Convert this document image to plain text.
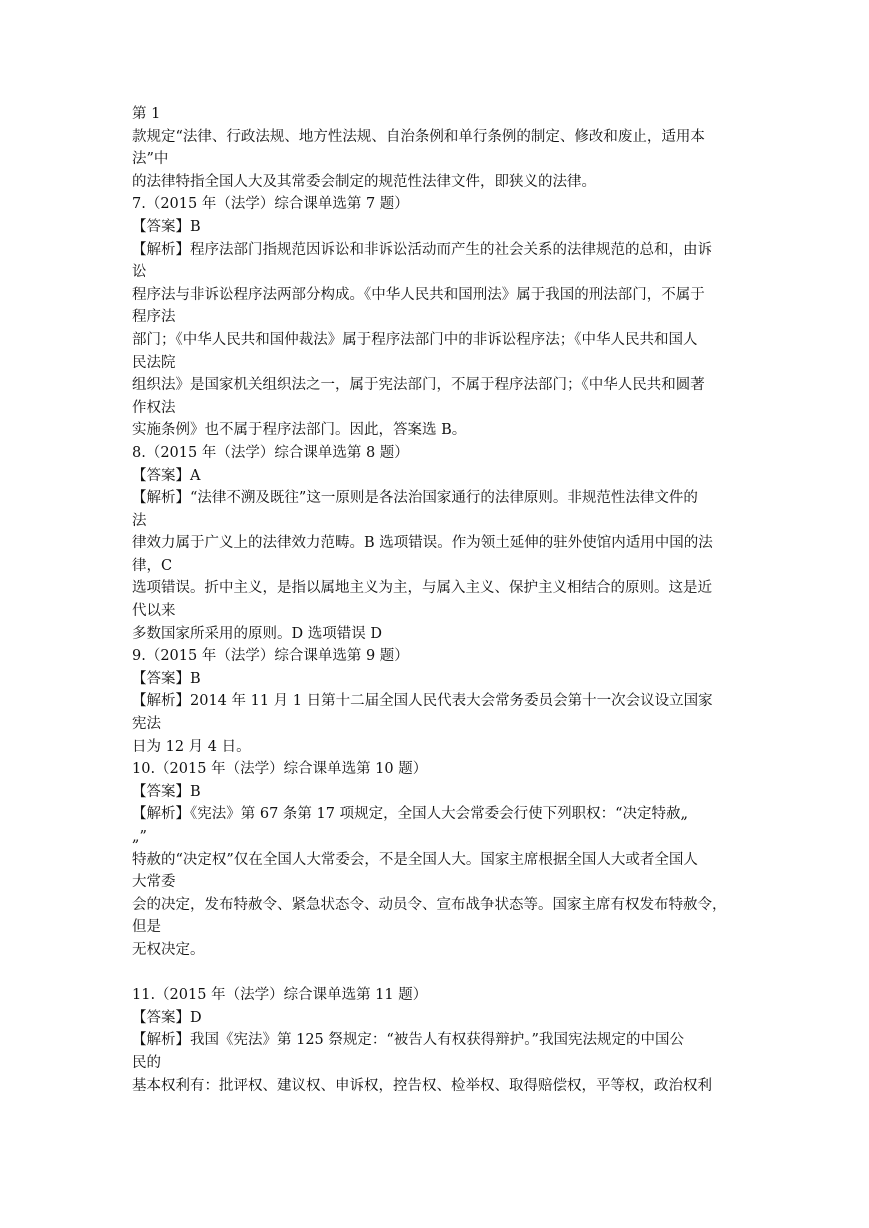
第 1
款规定“法律、行政法规、地方性法规、自治条例和单行条例的制定、修改和废止，适用本
法”中
的法律特指全国人大及其常委会制定的规范性法律文件，即狭义的法律。
7.（2015 年（法学）综合课单选第 7 题）
【答案】B
【解析】程序法部门指规范因诉讼和非诉讼活动而产生的社会关系的法律规范的总和，由诉
讼
程序法与非诉讼程序法两部分构成。《中华人民共和国刑法》属于我国的刑法部门，不属于
程序法
部门；《中华人民共和国仲裁法》属于程序法部门中的非诉讼程序法；《中华人民共和国人
民法院
组织法》是国家机关组织法之一，属于宪法部门，不属于程序法部门；《中华人民共和圆著
作权法
实施条例》也不属于程序法部门。因此，答案选 B。
8.（2015 年（法学）综合课单选第 8 题）
【答案】A
【解析】“法律不溯及既往”这一原则是各法治国家通行的法律原则。非规范性法律文件的
法
律效力属于广义上的法律效力范畴。B 选项错误。作为领土延伸的驻外使馆内适用中国的法
律，C
选项错误。折中主义，是指以属地主义为主，与属入主义、保护主义相结合的原则。这是近
代以来
多数国家所采用的原则。D 选项错误 D
9.（2015 年（法学）综合课单选第 9 题）
【答案】B
【解析】2014 年 11 月 1 日第十二届全国人民代表大会常务委员会第十一次会议设立国家
宪法
日为 12 月 4 日。
10.（2015 年（法学）综合课单选第 10 题）
【答案】B
【解析】《宪法》第 67 条第 17 项规定，全国人大会常委会行使下列职权：“决定特赦„
„”
特赦的“决定权”仅在全国人大常委会，不是全国人大。国家主席根据全国人大或者全国人
大常委
会的决定，发布特赦令、紧急状态令、动员令、宣布战争状态等。国家主席有权发布特赦令，
但是
无权决定。
11.（2015 年（法学）综合课单选第 11 题）
【答案】D
【解析】我国《宪法》第 125 祭规定：“被告人有权获得辩护。”我国宪法规定的中国公
民的
基本权利有：批评权、建议权、申诉权，控告权、检举权、取得赔偿权，平等权，政治权利
